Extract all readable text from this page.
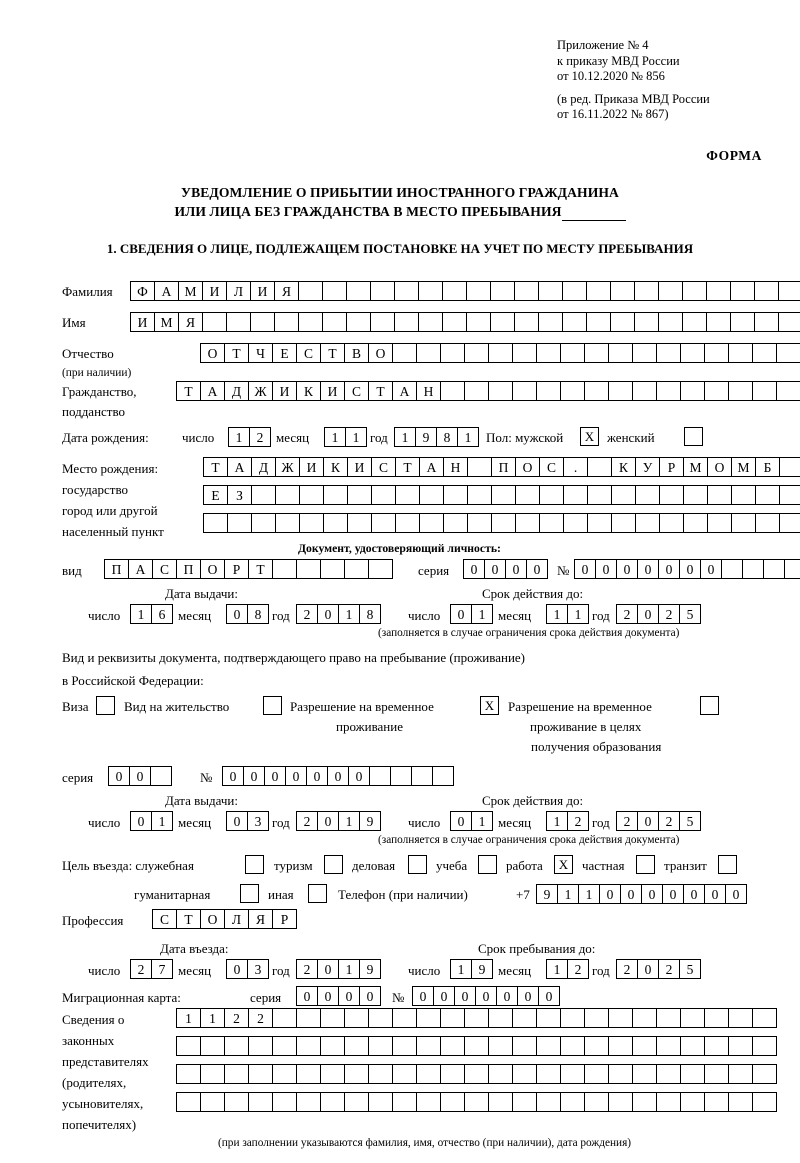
Приложение № 4
к приказу МВД России
от 10.12.2020 № 856
(в ред. Приказа МВД России
от 16.11.2022 № 867)
ФОРМА
УВЕДОМЛЕНИЕ О ПРИБЫТИИ ИНОСТРАННОГО ГРАЖДАНИНА
ИЛИ ЛИЦА БЕЗ ГРАЖДАНСТВА В МЕСТО ПРЕБЫВАНИЯ
1. СВЕДЕНИЯ О ЛИЦЕ, ПОДЛЕЖАЩЕМ ПОСТАНОВКЕ НА УЧЕТ ПО МЕСТУ ПРЕБЫВАНИЯ
Фамилия	Ф	А М И	Л	И	Я
Имя	И М Я
Отчество
(при наличии)
О	Т	Ч	Е	С	Т	В	О
Гражданство,
подданство
Т	А	Д Ж И	К	И	С	Т	А	Н
Дата рождения:	число	1	2 месяц	1	1 год	1	9	8	1	Пол: мужской	Х женский
Место рождения:
государство
город или другой
населенный пункт
Т	А	Д Ж И	К	И	С	Т	А	Н	П	О	С	.	К	У	Р	М О М	Б
Е	З
Документ, удостоверяющий личность:
вид	П	А	С	П	О	Р	Т	серия	0	0	0	0	№ 0	0	0	0	0	0	0
Дата выдачи:	Срок действия до:
число	1	6 месяц	0	8 год	2	0	1	8	число	0	1 месяц	1	1 год	2	0	2	5
(заполняется в случае ограничения срока действия документа)
Вид и реквизиты документа, подтверждающего право на пребывание (проживание)
в Российской Федерации:
Виза	Вид на жительство	Разрешение на временное
проживание
Х	Разрешение на временное
проживание в целях
получения образования
серия	0	0	№	0	0	0	0	0	0	0
Дата выдачи:	Срок действия до:
число	0	1 месяц	0	3 год	2	0	1	9	число	0	1 месяц	1	2 год	2	0	2	5
(заполняется в случае ограничения срока действия документа)
Цель въезда: служебная	туризм	деловая	учеба	работа	Х	частная	транзит
гуманитарная	иная	Телефон (при наличии)	+7	9	1	1	0	0	0	0	0	0	0
Профессия	С	Т	О	Л	Я	Р
Дата въезда:	Срок пребывания до:
число	2	7 месяц	0	3 год	2	0	1	9	число	1	9 месяц	1	2 год	2	0	2	5
Миграционная карта:	серия	0	0	0	0	№	0	0	0	0	0	0	0
Сведения о
законных
представителях
(родителях,
усыновителях,
попечителях)
1	1	2	2
(при заполнении указываются фамилия, имя, отчество (при наличии), дата рождения)
